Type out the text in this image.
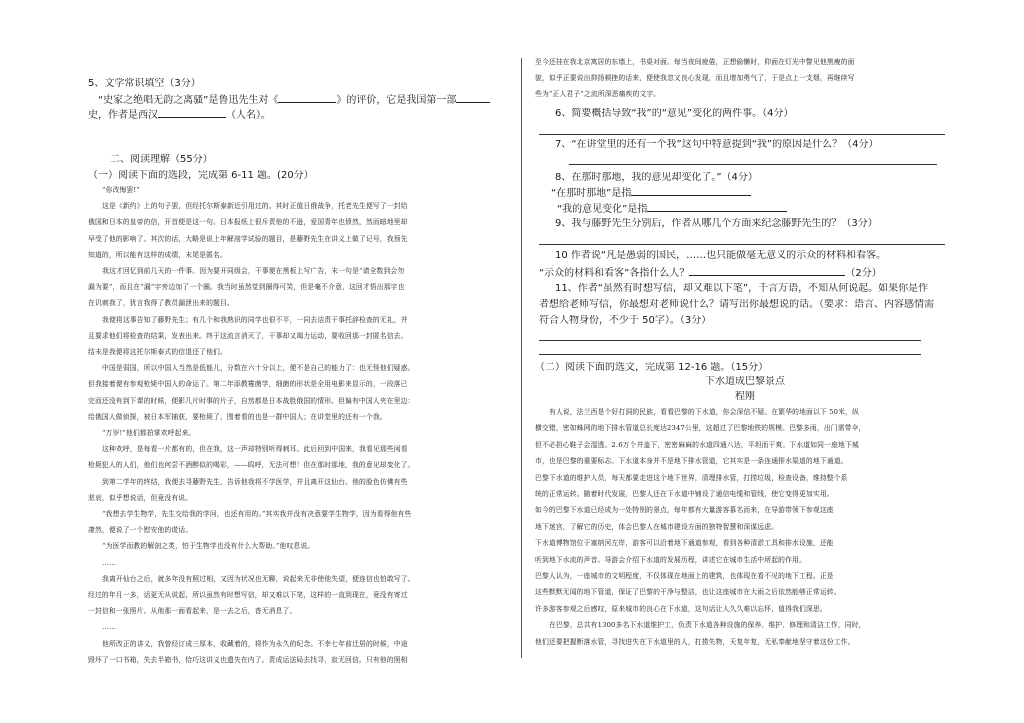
5、文学常识填空（3分）
“史家之绝唱无韵之离骚”是鲁迅先生对《	》的评价，它是我国第一部
史，作者是西汉	（人名）。
二、阅读理解（55分）
（一）阅读下面的选段，完成第 6-11 题。(20分）
“你改悔罢!”
这是《新约》上的句子罢，但经托尔斯泰新近引用过的。其时正值日俄战争，托老先生便写了一封给
俄国和日本的皇帝的信，开首便是这一句。日本报纸上很斥责他的不逊，爱国青年也愤然，然而暗地里却
早受了他的影响了。其次的话，大略是说上年解剖学试验的题目，是藤野先生在讲义上做了记号，我预先
知道的，所以能有这样的成绩，末尾是匿名。
我这才回忆到前几天的一件事。因为要开同级会，干事便在黑板上写广告，末一句是“请全数到会勿
漏为要”，而且在“漏”字旁边加了一个圈。我当时虽然觉到圈得可笑，但是毫不介意，这回才悟出那字也
在讥刺我了，犹言我得了教员漏泄出来的题目。
我便将这事告知了藤野先生；有几个和我熟识的同学也很不平，一同去诘责干事托辞检查的无礼，并
且要求他们将检查的结果，发表出来。终于这流言消灭了，干事却又竭力运动，要收回那一封匿名信去。
结末是我便将这托尔斯泰式的信退还了他们。
中国是弱国，所以中国人当然是低能儿，分数在六十分以上，便不是自己的能力了：也无怪他们疑惑。
但我接着便有参观枪毙中国人的命运了。第二年添教霉菌学，细菌的形状是全用电影来显示的，一段落已
完而还没有到下课的时候，便影几片时事的片子，自然都是日本战胜俄国的情形。但偏有中国人夹在里边：
给俄国人做侦探，被日本军捕获，要枪毙了，围着看的也是一群中国人；在讲堂里的还有一个我。
“万岁!”他们都拍掌欢呼起来。
这种欢呼，是每看一片都有的，但在我，这一声却特别听得刺耳。此后回到中国来，我看见那些闲看
枪毙犯人的人们，他们也何尝不酒醉似的喝彩，——呜呼，无法可想！但在那时那地，我的意见却变化了。
到第二学年的终结，我便去寻藤野先生，告诉他我将不学医学，并且离开这仙台。他的脸色仿佛有些
悲哀，似乎想说话，但竟没有说。
“我想去学生物学，先生交给我的学问，也还有用的。”其实我并没有决意要学生物学，因为看得他有些
凄然，便说了一个慰安他的谎话。
“为医学而教的解剖之类，怕于生物学也没有什么大帮助。”他叹息说。
……
我离开仙台之后，就多年没有照过相，又因为状况也无聊，说起来无非使他失望，便连信也怕敢写了。
经过的年月一多，话更无从说起，所以虽然有时想写信，却又难以下笔，这样的一直到现在，竟没有寄过
一封信和一张照片。从他那一面看起来，是一去之后，杳无消息了。
……
他所改正的讲义，我曾经订成三厚本，收藏着的，将作为永久的纪念。不幸七年前迁居的时候，中途
毁坏了一口书箱，失去半箱书，恰巧这讲义也遗失在内了。责成运送局去找寻，寂无回信。只有他的照相
至今还挂在我北京寓居的东墙上，书桌对面。每当夜间疲倦，正想偷懒时，仰面在灯光中瞥见他黑瘦的面
貌，似乎正要说出抑扬顿挫的话来，便使我忽又良心发现，而且增加勇气了，于是点上一支烟，再继续写
些为“正人君子”之流所深恶痛疾的文字。
6、简要概括导致“我”的“意见”变化的两件事。（4分）
7、“在讲堂里的还有一个我”这句中特意提到“我”的原因是什么？（4分）
8、在那时那地，我的意见却变化了。”（4分）
“在那时那地”是指
“我的意见变化”是指
9、我与藤野先生分别后，作者从哪几个方面来纪念藤野先生的？（3分）
10 作者说“凡是愚弱的国民，……也只能做毫无意义的示众的材料和看客。
“示众的材料和看客”各指什么人？	（2分）
11、作者“虽然有时想写信，却又难以下笔”，千言万语，不知从何说起。如果你是作
者想给老师写信，你最想对老师说什么？请写出你最想说的话。（要求：语言、内容感情需
符合人物身份，不少于 50字）。（3分）
（二）阅读下面的选文，完成第 12-16 题。（15分）
下水道成巴黎景点
程刚
有人说，法兰西是个好打洞的民族，看看巴黎的下水道，你会深信不疑。在繁华的地面以下 50米，纵
横交错，密如蛛网的地下排水管道总长度达2347公里，这超过了巴黎地铁的规模。巴黎多雨，出门需带伞，
但不必担心鞋子会湿透。2.6万个井盖下，密密麻麻的水道四通八达，平坦而干爽。下水道如同一座地下城
市，也是巴黎的重要标志。下水道本身并不是地下排水管道，它其实是一条连通排水渠道的地下通道。
巴黎下水道的维护人员，每天都要走进这个地下世界，清理排水管，打捞垃圾，检查设备，维持整个系
统的正常运转。随着时代发展，巴黎人还在下水道中铺设了通信电缆和管线，使它变得更加实用。
如今的巴黎下水道已经成为一处特别的景点，每年都有大量游客慕名而来，在导游带领下参观这座
地下迷宫，了解它的历史，体会巴黎人在城市建设方面的独特智慧和深谋远虑。
下水道博物馆位于塞纳河左岸，游客可以沿着地下通道参观，看到各种清淤工具和排水设施，还能
听到地下水流的声音。导游会介绍下水道的发展历程，讲述它在城市生活中所起的作用。
巴黎人认为，一座城市的文明程度，不仅体现在地面上的建筑，也体现在看不见的地下工程。正是
这些默默无闻的地下管道，保证了巴黎的干净与整洁，也让这座城市在大雨之后依然能够正常运转。
许多游客参观之后感叹，原来城市的良心在下水道，这句话让人久久难以忘怀，值得我们深思。
在巴黎，总共有1300多名下水道维护工，负责下水道各种设施的保养、维护、修理和清洁工作，同时，
他们还要把握断落水管，寻找进失在下水道里的人，打捞失物，天复年复，无私奉献地坚守着这份工作。
